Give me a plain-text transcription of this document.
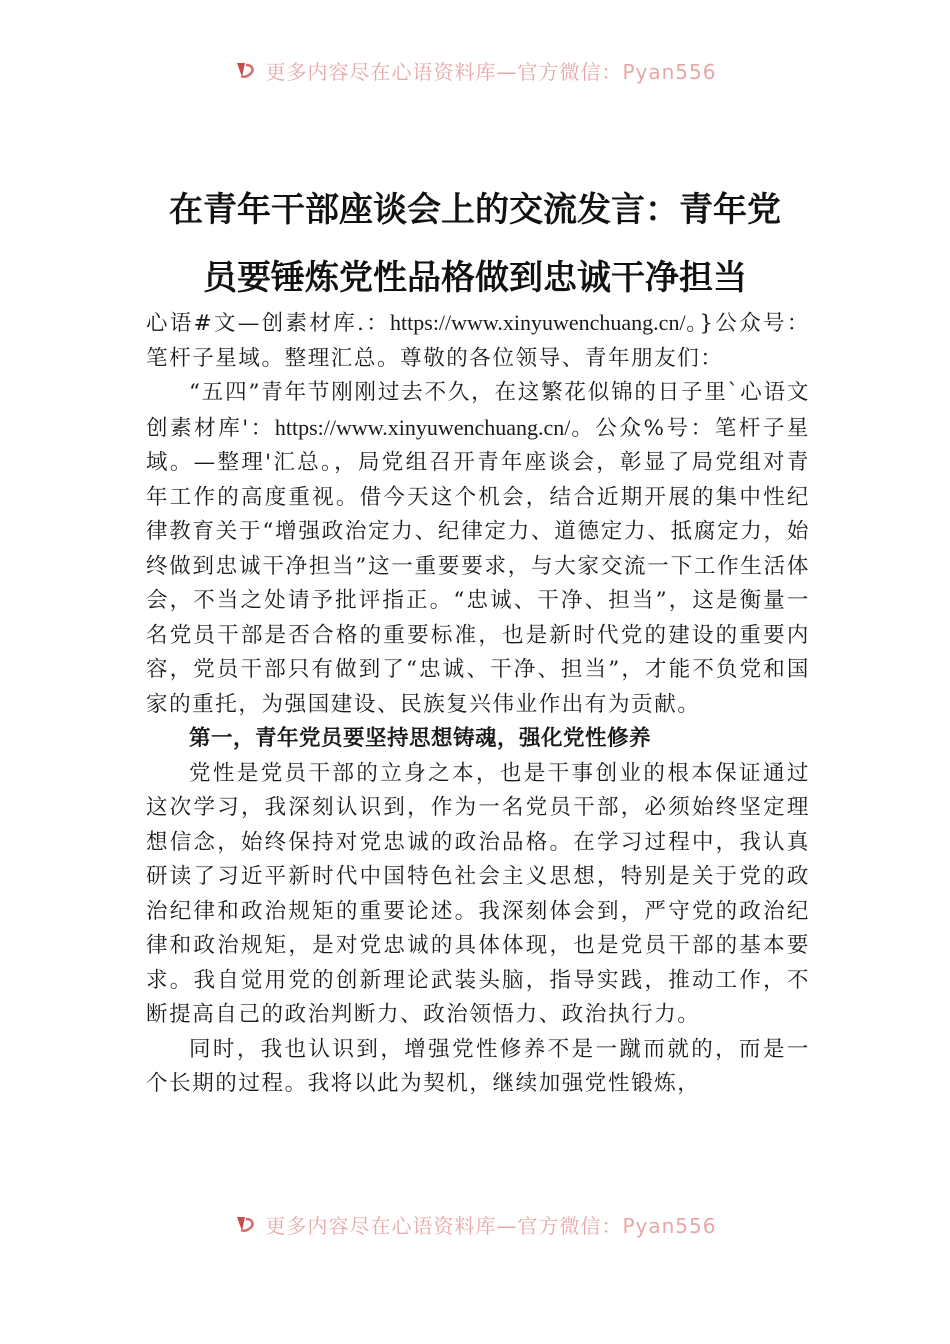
更多内容尽在心语资料库—官方微信：Pyan556
在青年干部座谈会上的交流发言：青年党
员要锤炼党性品格做到忠诚干净担当

心语#文—创素材库.：https://www.xinyuwenchuang.cn/。}公众号：笔杆子星域。整理汇总。尊敬的各位领导、青年朋友们：

“五四”青年节刚刚过去不久，在这繁花似锦的日子里`心语文创素材库'：https://www.xinyuwenchuang.cn/。公众%号：笔杆子星域。—整理'汇总。，局党组召开青年座谈会，彰显了局党组对青年工作的高度重视。借今天这个机会，结合近期开展的集中性纪律教育关于“增强政治定力、纪律定力、道德定力、抵腐定力，始终做到忠诚干净担当”这一重要要求，与大家交流一下工作生活体会，不当之处请予批评指正。“忠诚、干净、担当”，这是衡量一名党员干部是否合格的重要标准，也是新时代党的建设的重要内容，党员干部只有做到了“忠诚、干净、担当”，才能不负党和国家的重托，为强国建设、民族复兴伟业作出有为贡献。

第一，青年党员要坚持思想铸魂，强化党性修养

党性是党员干部的立身之本，也是干事创业的根本保证通过这次学习，我深刻认识到，作为一名党员干部，必须始终坚定理想信念，始终保持对党忠诚的政治品格。在学习过程中，我认真研读了习近平新时代中国特色社会主义思想，特别是关于党的政治纪律和政治规矩的重要论述。我深刻体会到，严守党的政治纪律和政治规矩，是对党忠诚的具体体现，也是党员干部的基本要求。我自觉用党的创新理论武装头脑，指导实践，推动工作，不断提高自己的政治判断力、政治领悟力、政治执行力。

同时，我也认识到，增强党性修养不是一蹴而就的，而是一个长期的过程。我将以此为契机，继续加强党性锻炼，

更多内容尽在心语资料库—官方微信：Pyan556
